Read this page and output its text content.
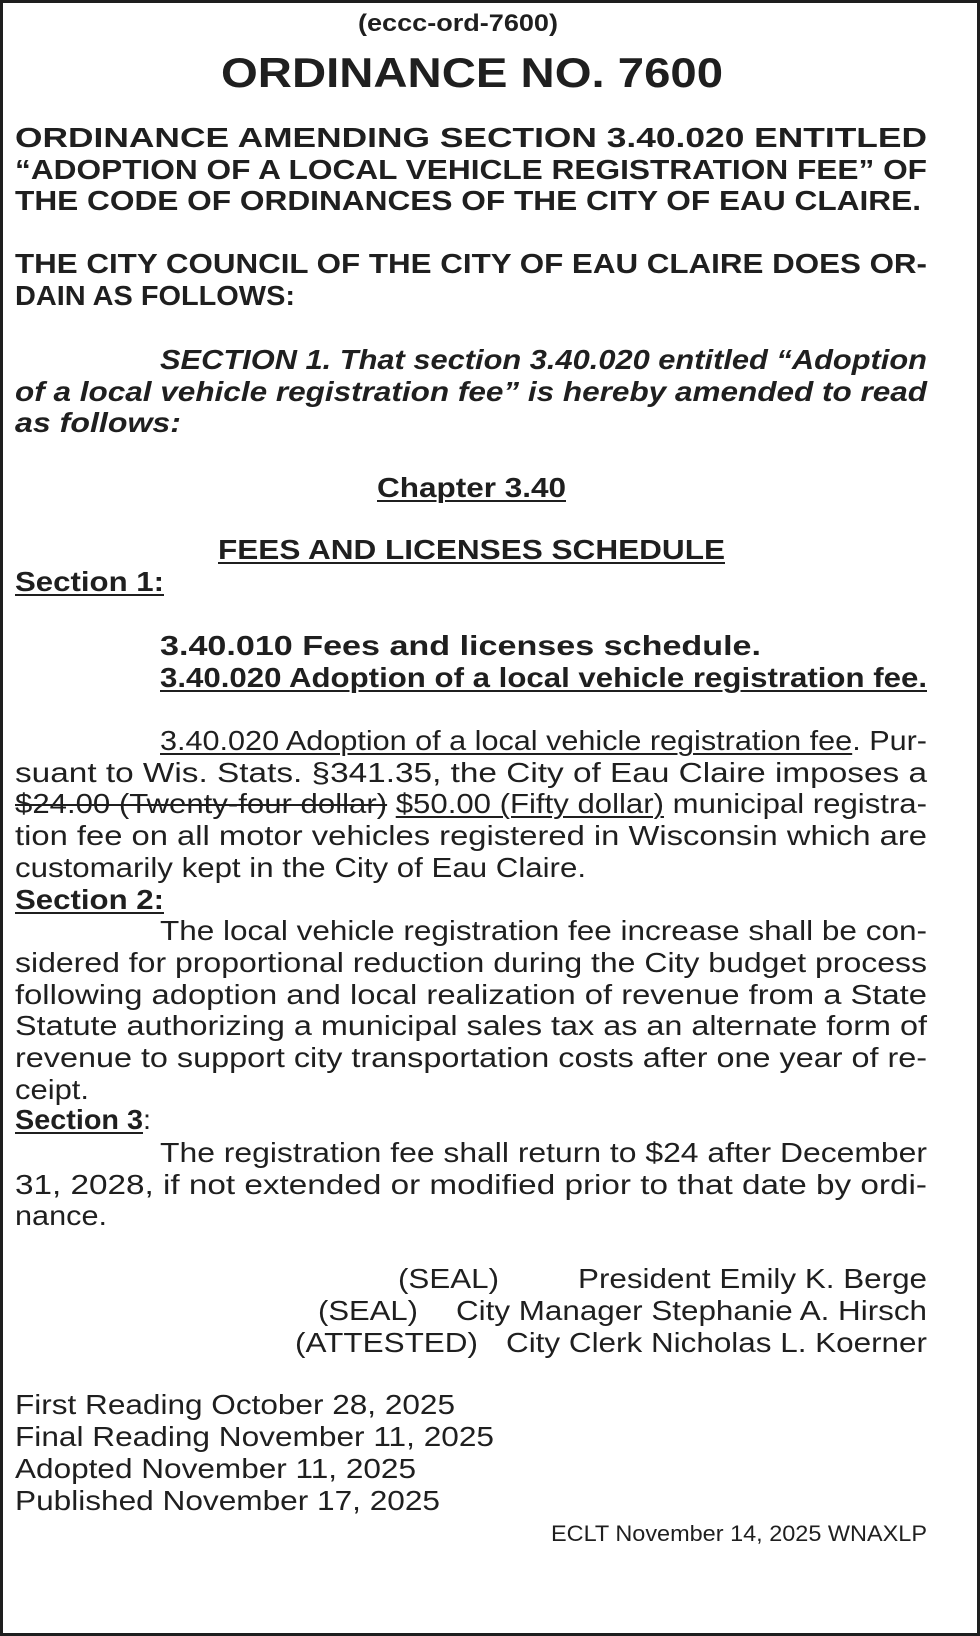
(eccc-ord-7600)
ORDINANCE NO. 7600
ORDINANCE AMENDING SECTION 3.40.020 ENTITLED
“ADOPTION OF A LOCAL VEHICLE REGISTRATION FEE” OF
THE CODE OF ORDINANCES OF THE CITY OF EAU CLAIRE.
THE CITY COUNCIL OF THE CITY OF EAU CLAIRE DOES OR-
DAIN AS FOLLOWS:
SECTION 1. That section 3.40.020 entitled “Adoption
of a local vehicle registration fee” is hereby amended to read
as follows:
Chapter 3.40
FEES AND LICENSES SCHEDULE
Section 1:
3.40.010 Fees and licenses schedule.
3.40.020 Adoption of a local vehicle registration fee.
3.40.020 Adoption of a local vehicle registration fee. Pur-
suant to Wis. Stats. §341.35, the City of Eau Claire imposes a
$24.00 (Twenty-four dollar) $50.00 (Fifty dollar) municipal registra-
tion fee on all motor vehicles registered in Wisconsin which are
customarily kept in the City of Eau Claire.
Section 2:
The local vehicle registration fee increase shall be con-
sidered for proportional reduction during the City budget process
following adoption and local realization of revenue from a State
Statute authorizing a municipal sales tax as an alternate form of
revenue to support city transportation costs after one year of re-
ceipt.
Section 3:
The registration fee shall return to $24 after December
31, 2028, if not extended or modified prior to that date by ordi-
nance.
(SEAL)	President Emily K. Berge
(SEAL) City Manager Stephanie A. Hirsch
(ATTESTED) City Clerk Nicholas L. Koerner
First Reading October 28, 2025
Final Reading November 11, 2025
Adopted November 11, 2025
Published November 17, 2025
ECLT November 14, 2025 WNAXLP
